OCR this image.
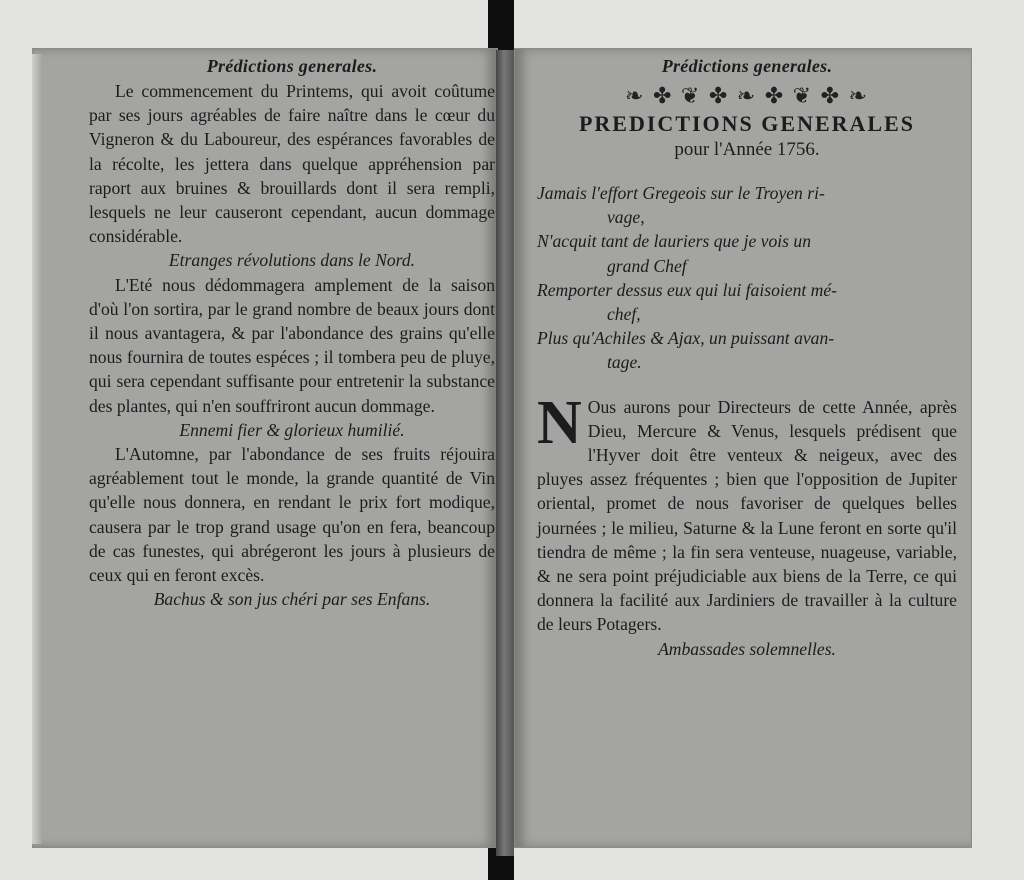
Prédictions generales.

Le commencement du Printems, qui avoit coûtume par ses jours agréables de faire naître dans le cœur du Vigneron & du Laboureur, des espérances favorables de la récolte, les jettera dans quelque appréhension par raport aux bruines & brouillards dont il sera rempli, lesquels ne leur causeront cependant, aucun dommage considérable.

Etranges révolutions dans le Nord.

L'Eté nous dédommagera amplement de la saison d'où l'on sortira, par le grand nombre de beaux jours dont il nous avantagera, & par l'abondance des grains qu'elle nous fournira de toutes espéces ; il tombera peu de pluye, qui sera cependant suffisante pour entretenir la substance des plantes, qui n'en souffriront aucun dommage.

Ennemi fier & glorieux humilié.

L'Automne, par l'abondance de ses fruits réjouira agréablement tout le monde, la grande quantité de Vin qu'elle nous donnera, en rendant le prix fort modique, causera par le trop grand usage qu'on en fera, beancoup de cas funestes, qui abrégeront les jours à plusieurs de ceux qui en feront excès.

Bachus & son jus chéri par ses Enfans.

Prédictions generales.
❧ ✤ ❦ ✤ ❧ ✤ ❦ ✤ ❧
PREDICTIONS GENERALES
pour l'Année 1756.

Jamais l'effort Gregeois sur le Troyen ri-

vage,

N'acquit tant de lauriers que je vois un

grand Chef

Remporter dessus eux qui lui faisoient mé-

chef,

Plus qu'Achiles & Ajax, un puissant avan-

tage.

N Ous aurons pour Directeurs de cette Année, après Dieu, Mercure & Venus, lesquels prédisent que l'Hyver doit être venteux & neigeux, avec des pluyes assez fréquentes ; bien que l'opposition de Jupiter oriental, promet de nous favoriser de quelques belles journées ; le milieu, Saturne & la Lune feront en sorte qu'il tiendra de même ; la fin sera venteuse, nuageuse, variable, & ne sera point préjudiciable aux biens de la Terre, ce qui donnera la facilité aux Jardiniers de travailler à la culture de leurs Potagers.

Ambassades solemnelles.
